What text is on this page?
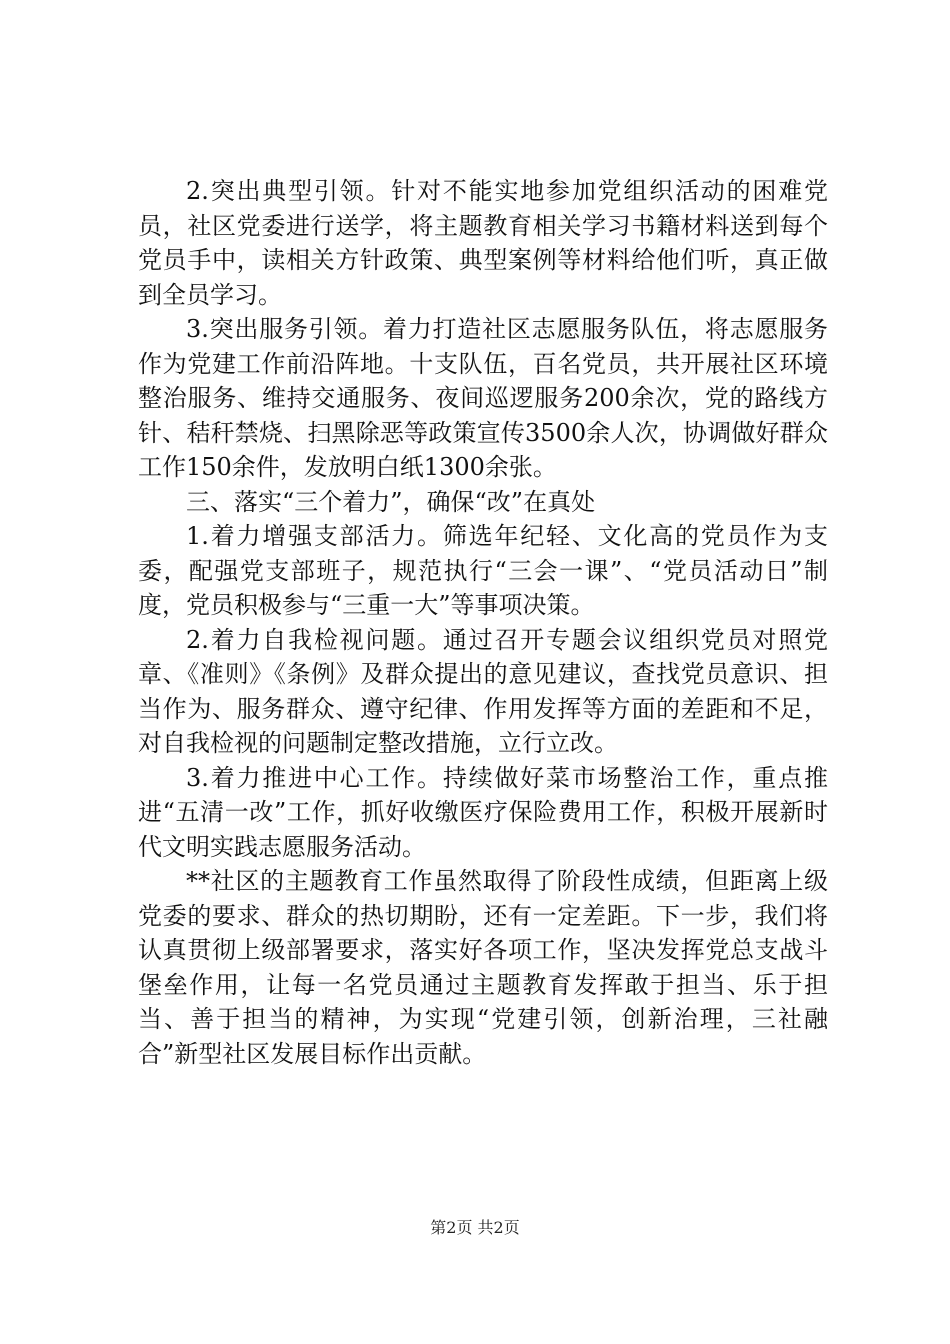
2.突出典型引领。针对不能实地参加党组织活动的困难党员，社区党委进行送学，将主题教育相关学习书籍材料送到每个党员手中，读相关方针政策、典型案例等材料给他们听，真正做到全员学习。

3.突出服务引领。着力打造社区志愿服务队伍，将志愿服务作为党建工作前沿阵地。十支队伍，百名党员，共开展社区环境整治服务、维持交通服务、夜间巡逻服务200余次，党的路线方针、秸秆禁烧、扫黑除恶等政策宣传3500余人次，协调做好群众工作150余件，发放明白纸1300余张。

三、落实“三个着力”，确保“改”在真处

1.着力增强支部活力。筛选年纪轻、文化高的党员作为支委，配强党支部班子，规范执行“三会一课”、“党员活动日”制度，党员积极参与“三重一大”等事项决策。

2.着力自我检视问题。通过召开专题会议组织党员对照党章、《准则》《条例》及群众提出的意见建议，查找党员意识、担当作为、服务群众、遵守纪律、作用发挥等方面的差距和不足，对自我检视的问题制定整改措施，立行立改。

3.着力推进中心工作。持续做好菜市场整治工作，重点推进“五清一改”工作，抓好收缴医疗保险费用工作，积极开展新时代文明实践志愿服务活动。

**社区的主题教育工作虽然取得了阶段性成绩，但距离上级党委的要求、群众的热切期盼，还有一定差距。下一步，我们将认真贯彻上级部署要求，落实好各项工作，坚决发挥党总支战斗堡垒作用，让每一名党员通过主题教育发挥敢于担当、乐于担当、善于担当的精神，为实现“党建引领，创新治理，三社融合”新型社区发展目标作出贡献。

第2页 共2页
